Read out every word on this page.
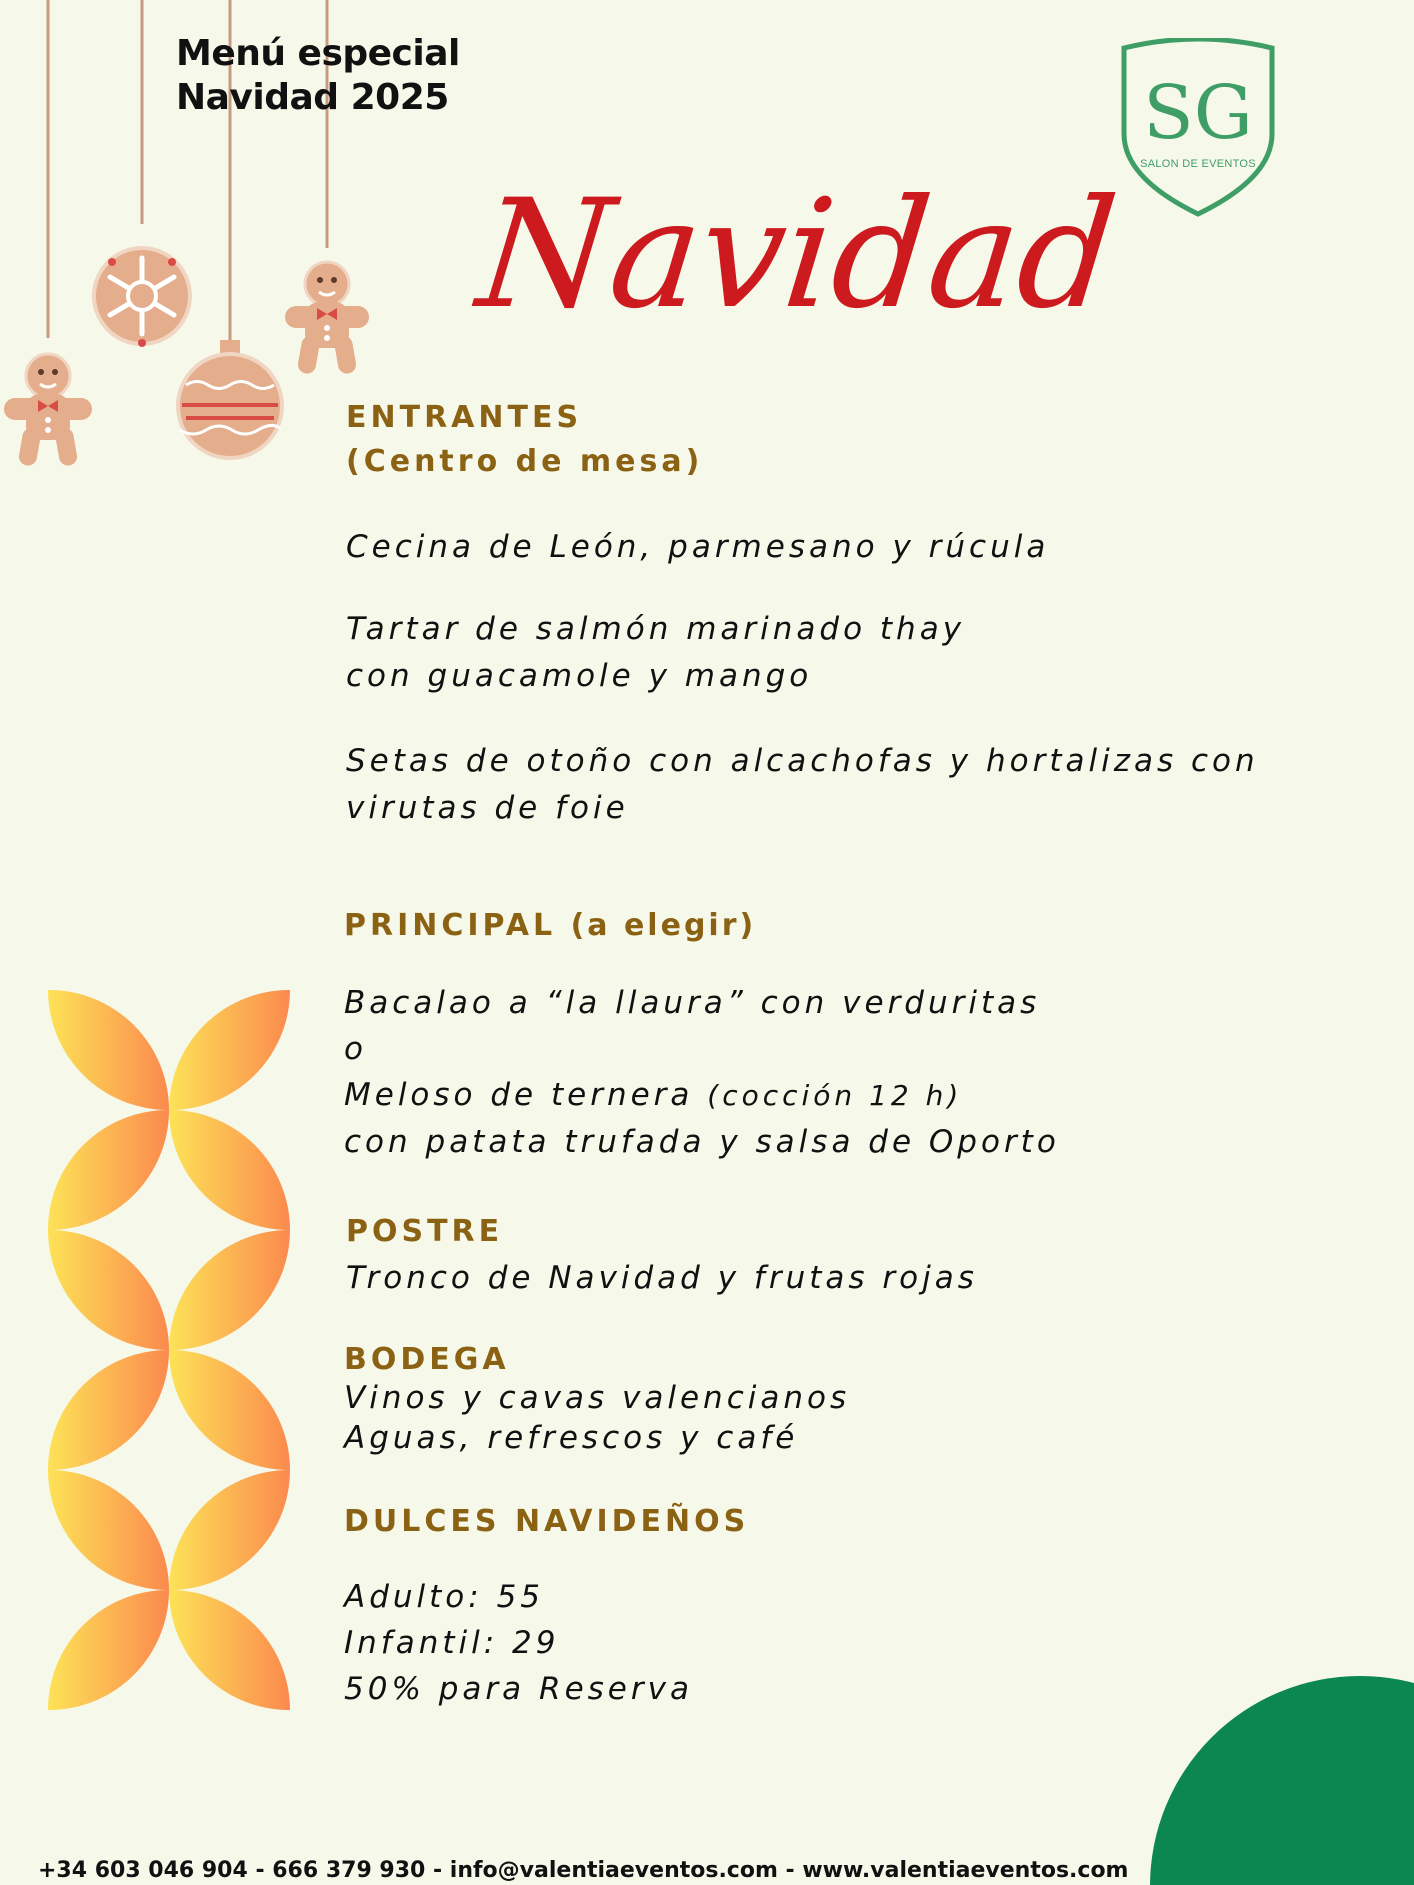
Menú especial
Navidad 2025	SG
SALON DE EVENTOS
Navidad
ENTRANTES
(Centro de mesa)
Cecina de León, parmesano y rúcula
Tartar de salmón marinado thay
con guacamole y mango
Setas de otoño con alcachofas y hortalizas con
virutas de foie
PRINCIPAL (a elegir)
Bacalao a “la llaura” con verduritas
o
Meloso de ternera (cocción 12 h)
con patata trufada y salsa de Oporto
POSTRE
Tronco de Navidad y frutas rojas
BODEGA
Vinos y cavas valencianos
Aguas, refrescos y café
DULCES NAVIDEÑOS
Adulto: 55
Infantil: 29
50% para Reserva
+34 603 046 904 - 666 379 930 - info@valentiaeventos.com - www.valentiaeventos.com
